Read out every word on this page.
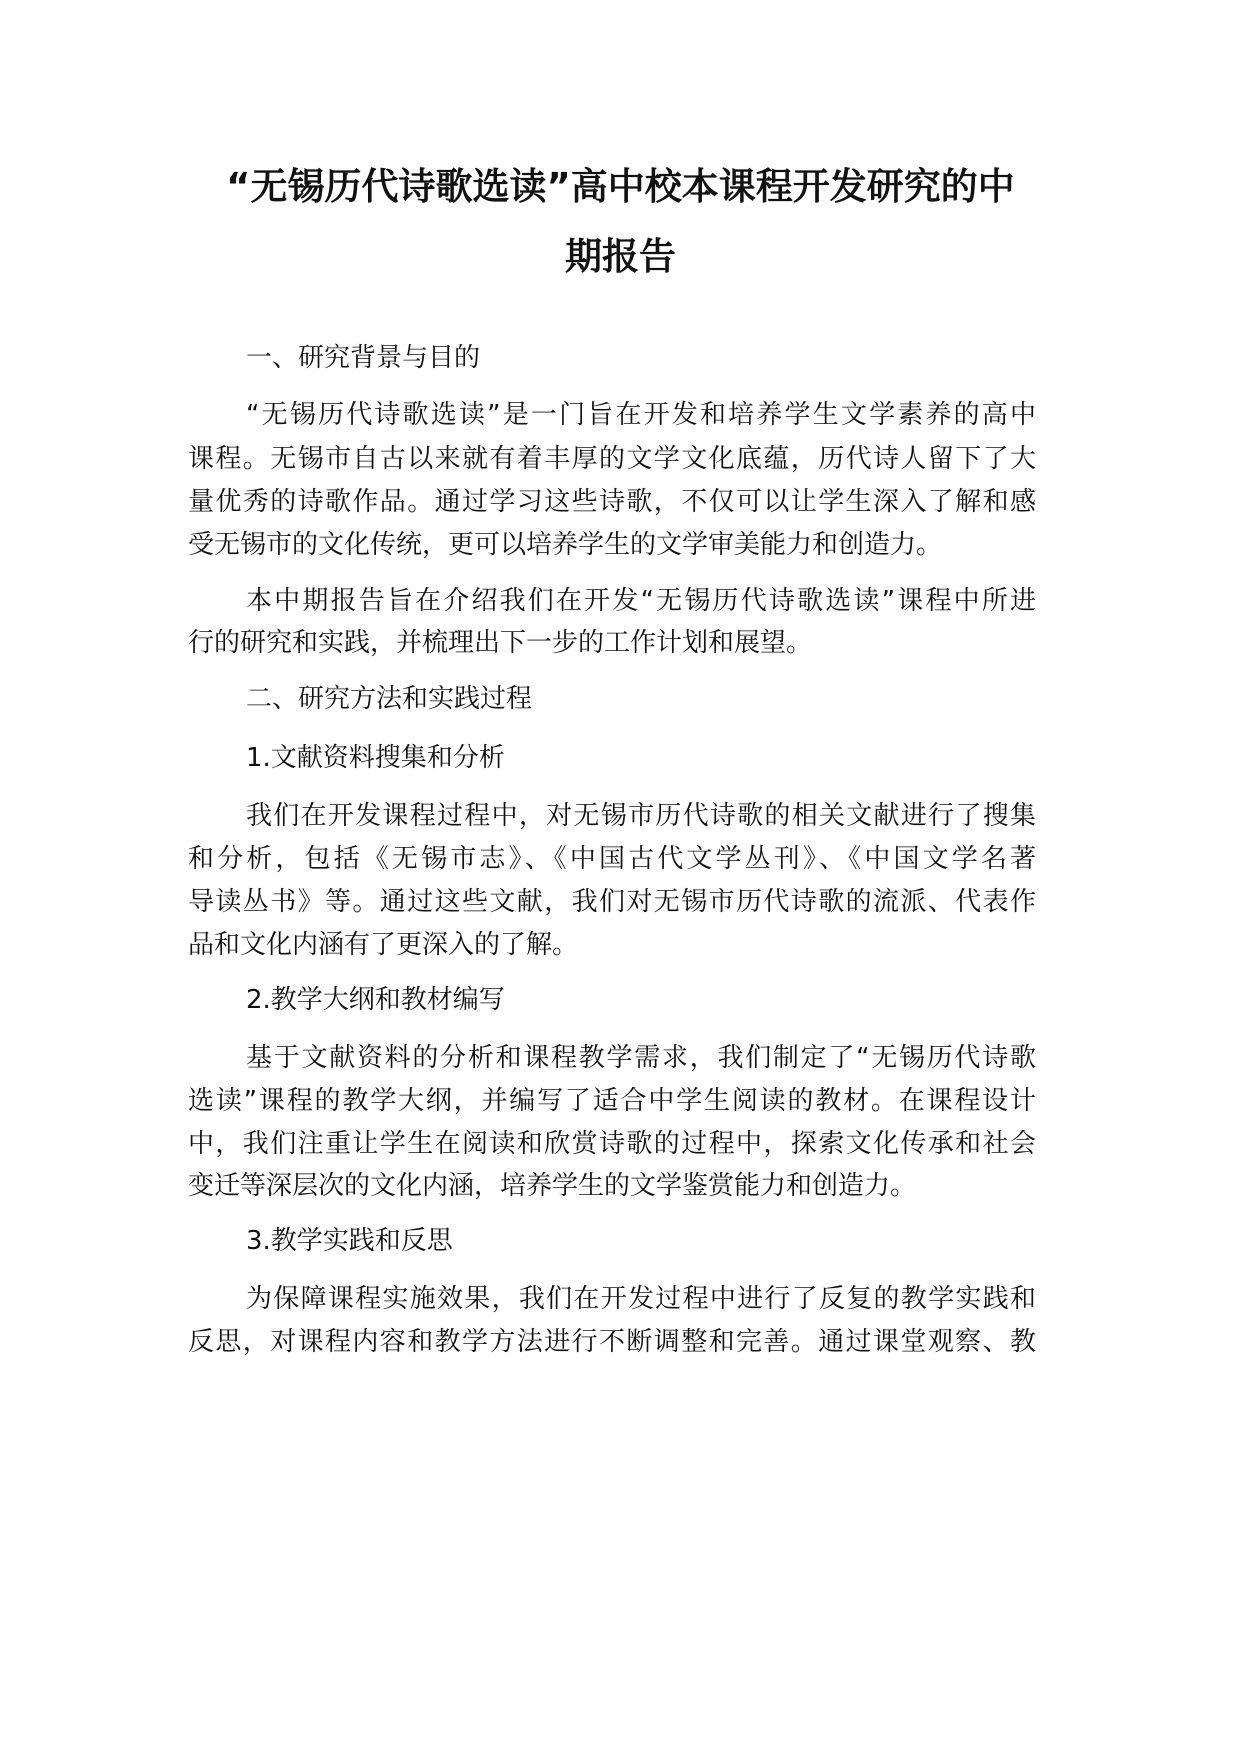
“无锡历代诗歌选读”高中校本课程开发研究的中
期报告
一、研究背景与目的
“无锡历代诗歌选读”是一门旨在开发和培养学生文学素养的高中
课程。无锡市自古以来就有着丰厚的文学文化底蕴，历代诗人留下了大
量优秀的诗歌作品。通过学习这些诗歌，不仅可以让学生深入了解和感
受无锡市的文化传统，更可以培养学生的文学审美能力和创造力。
本中期报告旨在介绍我们在开发“无锡历代诗歌选读”课程中所进
行的研究和实践，并梳理出下一步的工作计划和展望。
二、研究方法和实践过程
1.文献资料搜集和分析
我们在开发课程过程中，对无锡市历代诗歌的相关文献进行了搜集
和分析，包括《无锡市志》、《中国古代文学丛刊》、《中国文学名著
导读丛书》等。通过这些文献，我们对无锡市历代诗歌的流派、代表作
品和文化内涵有了更深入的了解。
2.教学大纲和教材编写
基于文献资料的分析和课程教学需求，我们制定了“无锡历代诗歌
选读”课程的教学大纲，并编写了适合中学生阅读的教材。在课程设计
中，我们注重让学生在阅读和欣赏诗歌的过程中，探索文化传承和社会
变迁等深层次的文化内涵，培养学生的文学鉴赏能力和创造力。
3.教学实践和反思
为保障课程实施效果，我们在开发过程中进行了反复的教学实践和
反思，对课程内容和教学方法进行不断调整和完善。通过课堂观察、教
